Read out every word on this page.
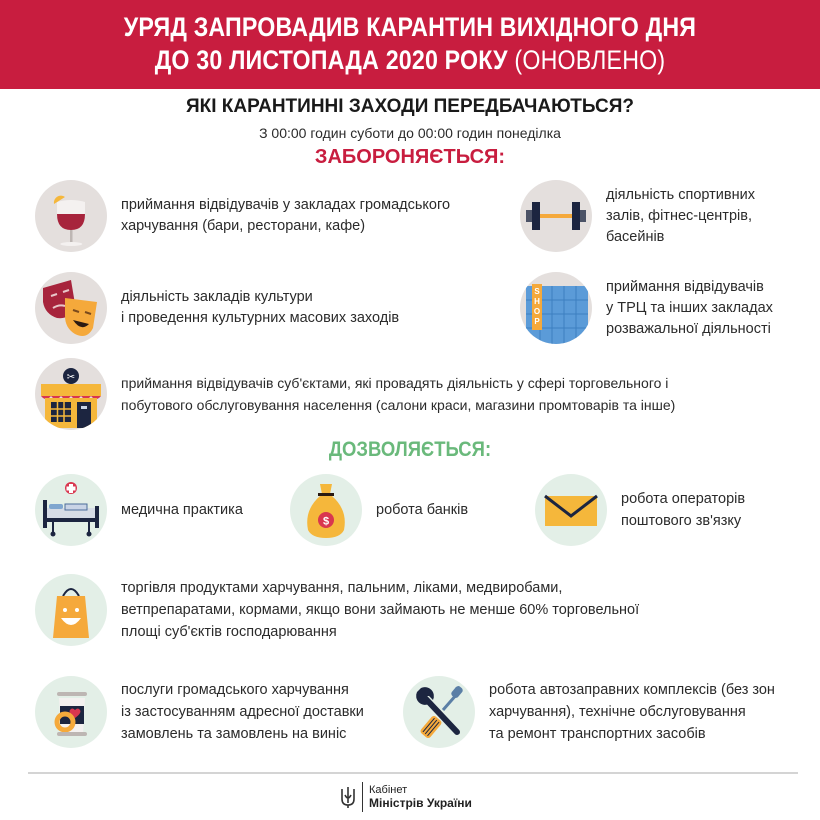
УРЯД ЗАПРОВАДИВ КАРАНТИН ВИХІДНОГО ДНЯ
ДО 30 ЛИСТОПАДА 2020 РОКУ (ОНОВЛЕНО)
ЯКІ КАРАНТИННІ ЗАХОДИ ПЕРЕДБАЧАЮТЬСЯ?
З 00:00 годин суботи до 00:00 годин понеділка
ЗАБОРОНЯЄТЬСЯ:
приймання відвідувачів у закладах громадського
харчування (бари, ресторани, кафе)
діяльність спортивних
залів, фітнес-центрів,
басейнів
діяльність закладів культури
і проведення культурних масових заходів
S
H
O
P
приймання відвідувачів
у ТРЦ та інших закладах
розважальної діяльності
✂	приймання відвідувачів суб'єктами, які провадять діяльність у сфері торговельного і
побутового обслуговування населення (салони краси, магазини промтоварів та інше)
ДОЗВОЛЯЄТЬСЯ:
медична практика
$
робота банків
робота операторів
поштового зв'язку
торгівля продуктами харчування, пальним, ліками, медвиробами,
ветпрепаратами, кормами, якщо вони займають не менше 60% торговельної
площі суб'єктів господарювання
послуги громадського харчування
із застосуванням адресної доставки
замовлень та замовлень на виніс
робота автозаправних комплексів (без зон
харчування), технічне обслуговування
та ремонт транспортних засобів
Кабінет
Міністрів України
